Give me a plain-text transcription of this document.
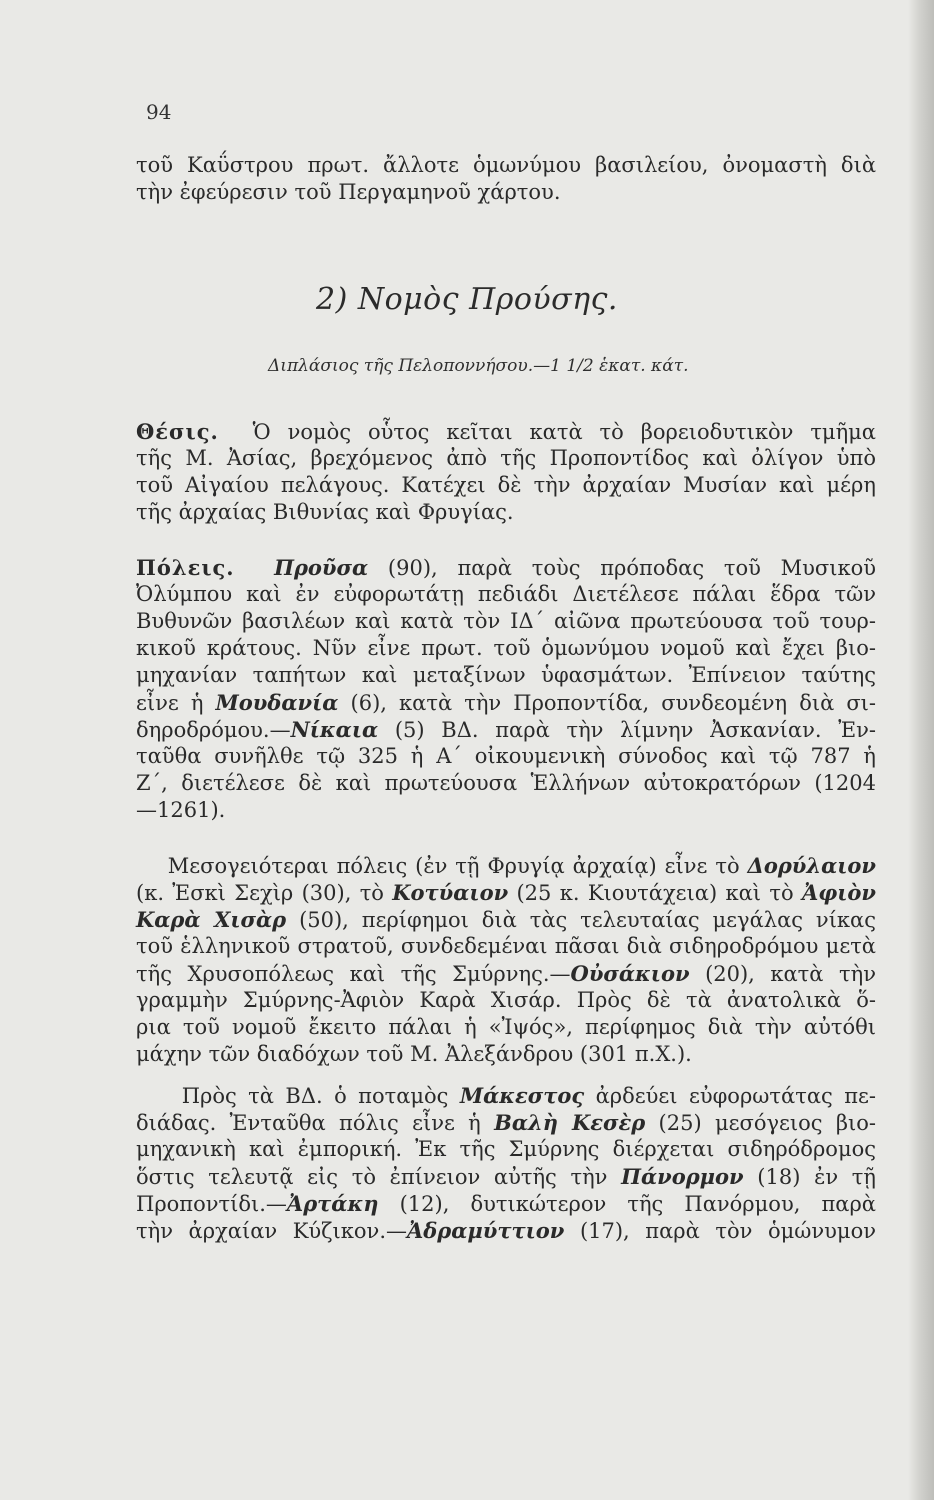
94
τοῦ Καΰστρου πρωτ. ἄλλοτε ὁμωνύμου βασιλείου, ὀνομαστὴ διὰ
τὴν ἐφεύρεσιν τοῦ Περγαμηνοῦ χάρτου.
2) Νομὸς Προύσης.
Διπλάσιος τῆς Πελοποννήσου.—1 1/2 ἑκατ. κάτ.
Θέσις. Ὁ νομὸς οὗτος κεῖται κατὰ τὸ βορειοδυτικὸν τμῆμα
τῆς Μ. Ἀσίας, βρεχόμενος ἀπὸ τῆς Προποντίδος καὶ ὀλίγον ὑπὸ
τοῦ Αἰγαίου πελάγους. Κατέχει δὲ τὴν ἀρχαίαν Μυσίαν καὶ μέρη
τῆς ἀρχαίας Βιθυνίας καὶ Φρυγίας.
Πόλεις. Προῦσα (90), παρὰ τοὺς πρόποδας τοῦ Μυσικοῦ
Ὀλύμπου καὶ ἐν εὐφορωτάτῃ πεδιάδι Διετέλεσε πάλαι ἕδρα τῶν
Βυθυνῶν βασιλέων καὶ κατὰ τὸν ΙΔ´ αἰῶνα πρωτεύουσα τοῦ τουρ-
κικοῦ κράτους. Νῦν εἶνε πρωτ. τοῦ ὁμωνύμου νομοῦ καὶ ἔχει βιο-
μηχανίαν ταπήτων καὶ μεταξίνων ὑφασμάτων. Ἐπίνειον ταύτης
εἶνε ἡ Μουδανία (6), κατὰ τὴν Προποντίδα, συνδεομένη διὰ σι-
δηροδρόμου.—Νίκαια (5) ΒΔ. παρὰ τὴν λίμνην Ἀσκανίαν. Ἐν-
ταῦθα συνῆλθε τῷ 325 ἡ Α´ οἰκουμενικὴ σύνοδος καὶ τῷ 787 ἡ
Ζ´, διετέλεσε δὲ καὶ πρωτεύουσα Ἑλλήνων αὐτοκρατόρων (1204
—1261).
Μεσογειότεραι πόλεις (ἐν τῇ Φρυγίᾳ ἀρχαίᾳ) εἶνε τὸ Δορύλαιον
(κ. Ἐσκὶ Σεχὶρ (30), τὸ Κοτύαιον (25 κ. Κιουτάχεια) καὶ τὸ Ἀφιὸν
Καρὰ Χισὰρ (50), περίφημοι διὰ τὰς τελευταίας μεγάλας νίκας
τοῦ ἑλληνικοῦ στρατοῦ, συνδεδεμέναι πᾶσαι διὰ σιδηροδρόμου μετὰ
τῆς Χρυσοπόλεως καὶ τῆς Σμύρνης.—Οὐσάκιον (20), κατὰ τὴν
γραμμὴν Σμύρνης-Ἀφιὸν Καρὰ Χισάρ. Πρὸς δὲ τὰ ἀνατολικὰ ὅ-
ρια τοῦ νομοῦ ἔκειτο πάλαι ἡ «Ἰψός», περίφημος διὰ τὴν αὐτόθι
μάχην τῶν διαδόχων τοῦ Μ. Ἀλεξάνδρου (301 π.Χ.).
Πρὸς τὰ ΒΔ. ὁ ποταμὸς Μάκεστος ἀρδεύει εὐφορωτάτας πε-
διάδας. Ἐνταῦθα πόλις εἶνε ἡ Βαλὴ Κεσὲρ (25) μεσόγειος βιο-
μηχανικὴ καὶ ἐμπορική. Ἐκ τῆς Σμύρνης διέρχεται σιδηρόδρομος
ὅστις τελευτᾷ εἰς τὸ ἐπίνειον αὐτῆς τὴν Πάνορμον (18) ἐν τῇ
Προποντίδι.—Ἀρτάκη (12), δυτικώτερον τῆς Πανόρμου, παρὰ
τὴν ἀρχαίαν Κύζικον.—Ἀδραμύττιον (17), παρὰ τὸν ὁμώνυμον
